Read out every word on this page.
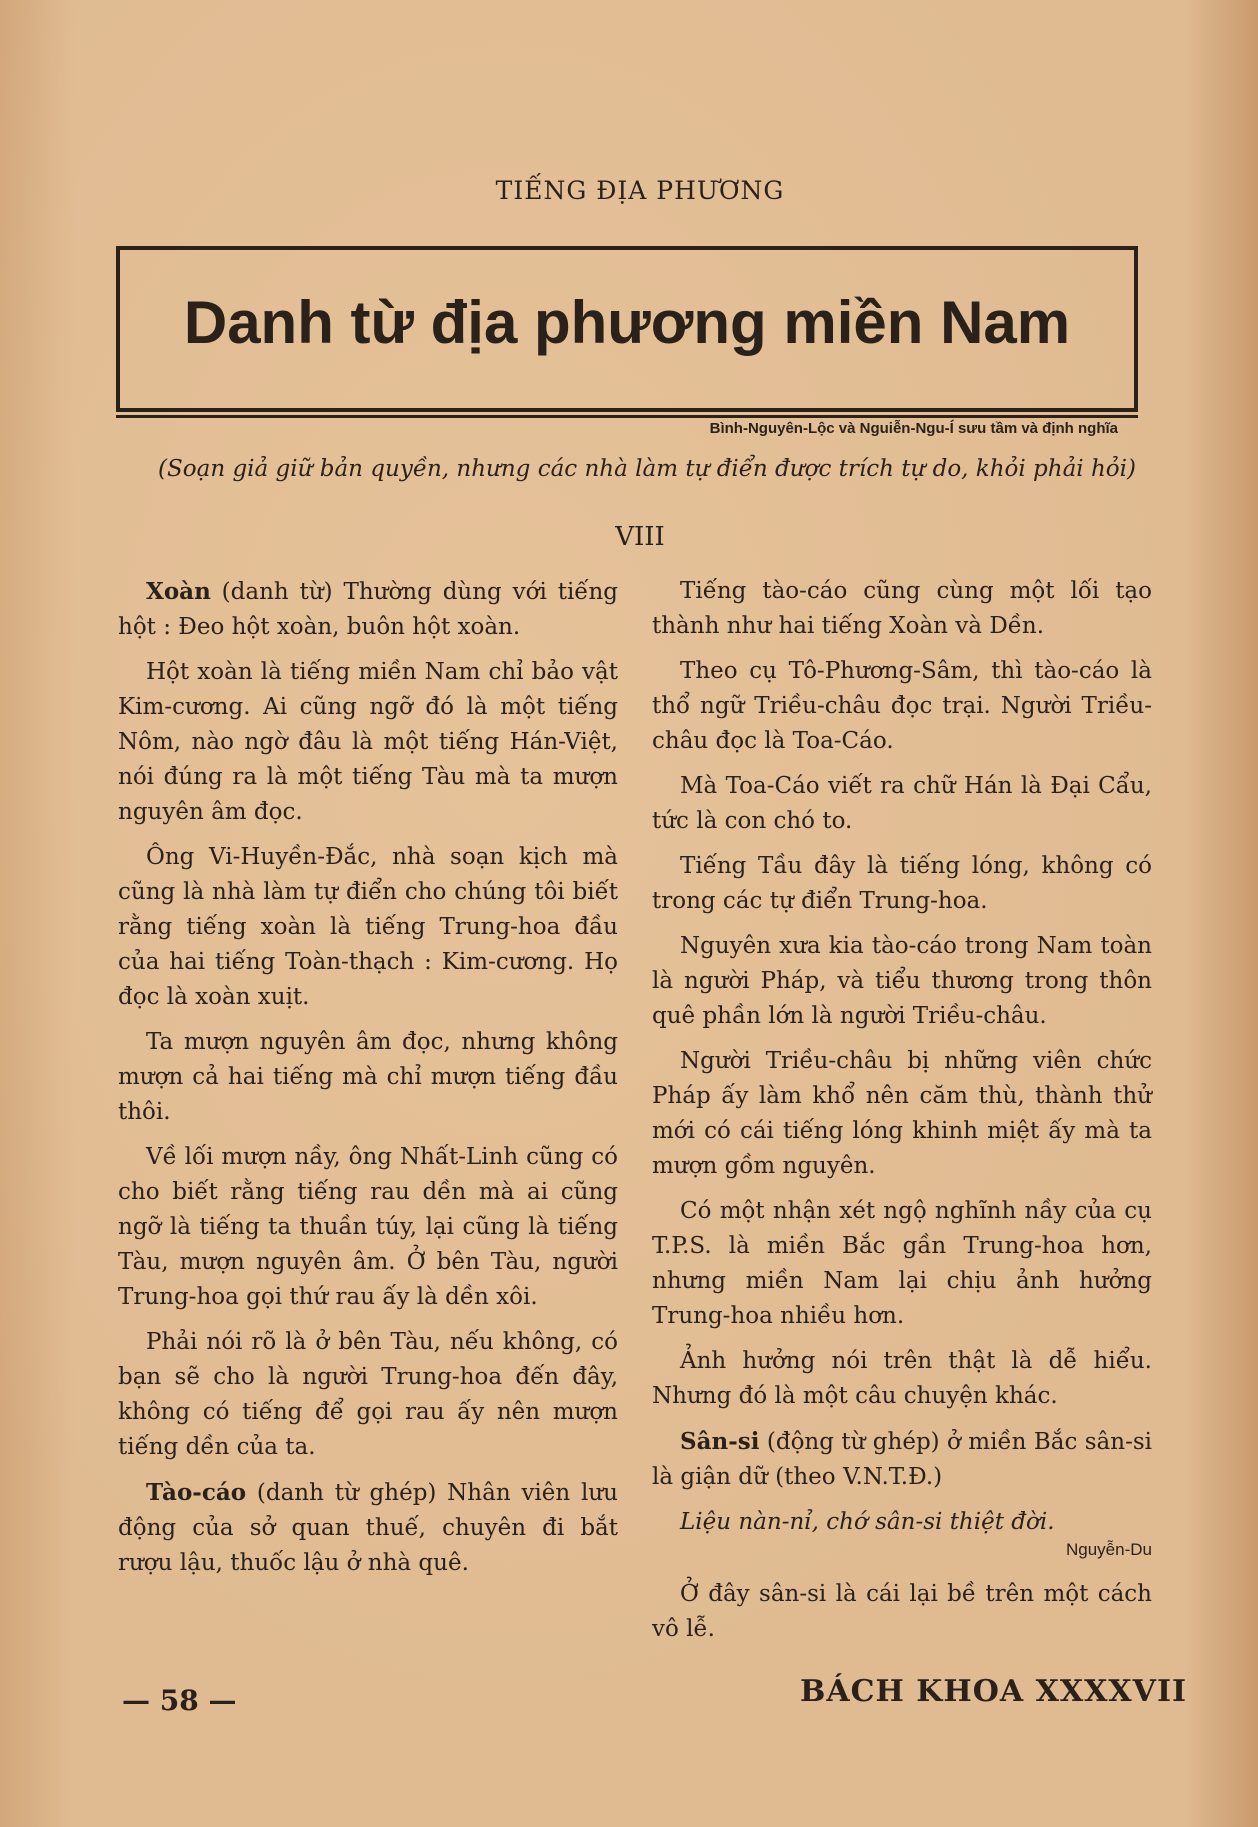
TIẾNG ĐỊA PHƯƠNG
Danh từ địa phương miền Nam
Bình-Nguyên-Lộc và Nguiễn-Ngu-Í sưu tầm và định nghĩa
(Soạn giả giữ bản quyền, nhưng các nhà làm tự điển được trích tự do, khỏi phải hỏi)
VIII

Xoàn (danh từ) Thường dùng với tiếng hột : Đeo hột xoàn, buôn hột xoàn.

Hột xoàn là tiếng miền Nam chỉ bảo vật Kim-cương. Ai cũng ngỡ đó là một tiếng Nôm, nào ngờ đâu là một tiếng Hán-Việt, nói đúng ra là một tiếng Tàu mà ta mượn nguyên âm đọc.

Ông Vi-Huyền-Đắc, nhà soạn kịch mà cũng là nhà làm tự điển cho chúng tôi biết rằng tiếng xoàn là tiếng Trung-hoa đầu của hai tiếng Toàn-thạch : Kim-cương. Họ đọc là xoàn xuịt.

Ta mượn nguyên âm đọc, nhưng không mượn cả hai tiếng mà chỉ mượn tiếng đầu thôi.

Về lối mượn nầy, ông Nhất-Linh cũng có cho biết rằng tiếng rau dền mà ai cũng ngỡ là tiếng ta thuần túy, lại cũng là tiếng Tàu, mượn nguyên âm. Ở bên Tàu, người Trung-hoa gọi thứ rau ấy là dền xôi.

Phải nói rõ là ở bên Tàu, nếu không, có bạn sẽ cho là người Trung-hoa đến đây, không có tiếng để gọi rau ấy nên mượn tiếng dền của ta.

Tào-cáo (danh từ ghép) Nhân viên lưu động của sở quan thuế, chuyên đi bắt rượu lậu, thuốc lậu ở nhà quê.

Tiếng tào-cáo cũng cùng một lối tạo thành như hai tiếng Xoàn và Dền.

Theo cụ Tô-Phương-Sâm, thì tào-cáo là thổ ngữ Triều-châu đọc trại. Người Triều-châu đọc là Toa-Cáo.

Mà Toa-Cáo viết ra chữ Hán là Đại Cẩu, tức là con chó to.

Tiếng Tầu đây là tiếng lóng, không có trong các tự điển Trung-hoa.

Nguyên xưa kia tào-cáo trong Nam toàn là người Pháp, và tiểu thương trong thôn quê phần lớn là người Triều-châu.

Người Triều-châu bị những viên chức Pháp ấy làm khổ nên căm thù, thành thử mới có cái tiếng lóng khinh miệt ấy mà ta mượn gồm nguyên.

Có một nhận xét ngộ nghĩnh nầy của cụ T.P.S. là miền Bắc gần Trung-hoa hơn, nhưng miền Nam lại chịu ảnh hưởng Trung-hoa nhiều hơn.

Ảnh hưởng nói trên thật là dễ hiểu. Nhưng đó là một câu chuyện khác.

Sân-si (động từ ghép) ở miền Bắc sân-si là giận dữ (theo V.N.T.Đ.)

Liệu nàn-nỉ, chớ sân-si thiệt đời.
Nguyễn-Du

Ở đây sân-si là cái lại bề trên một cách vô lễ.

— 58 —	BÁCH KHOA XXXXVII
